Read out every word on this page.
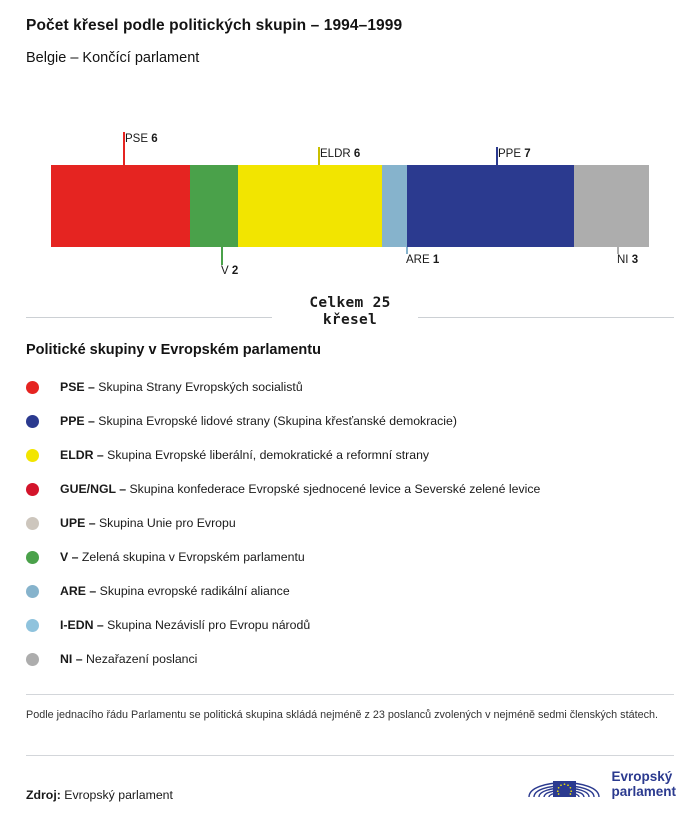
Počet křesel podle politických skupin – 1994–1999
Belgie – Končící parlament
PSE 6
ELDR 6	PPE 7
V 2
ARE 1	NI 3
Celkem 25
křesel
Politické skupiny v Evropském parlamentu
PSE – Skupina Strany Evropských socialistů
PPE – Skupina Evropské lidové strany (Skupina křesťanské demokracie)
ELDR – Skupina Evropské liberální, demokratické a reformní strany
GUE/NGL – Skupina konfederace Evropské sjednocené levice a Severské zelené levice
UPE – Skupina Unie pro Evropu
V – Zelená skupina v Evropském parlamentu
ARE – Skupina evropské radikální aliance
I-EDN – Skupina Nezávislí pro Evropu národů
NI – Nezařazení poslanci
Podle jednacího řádu Parlamentu se politická skupina skládá nejméně z 23 poslanců zvolených v nejméně sedmi členských státech.
Zdroj: Evropský parlament
Evropský
parlament
